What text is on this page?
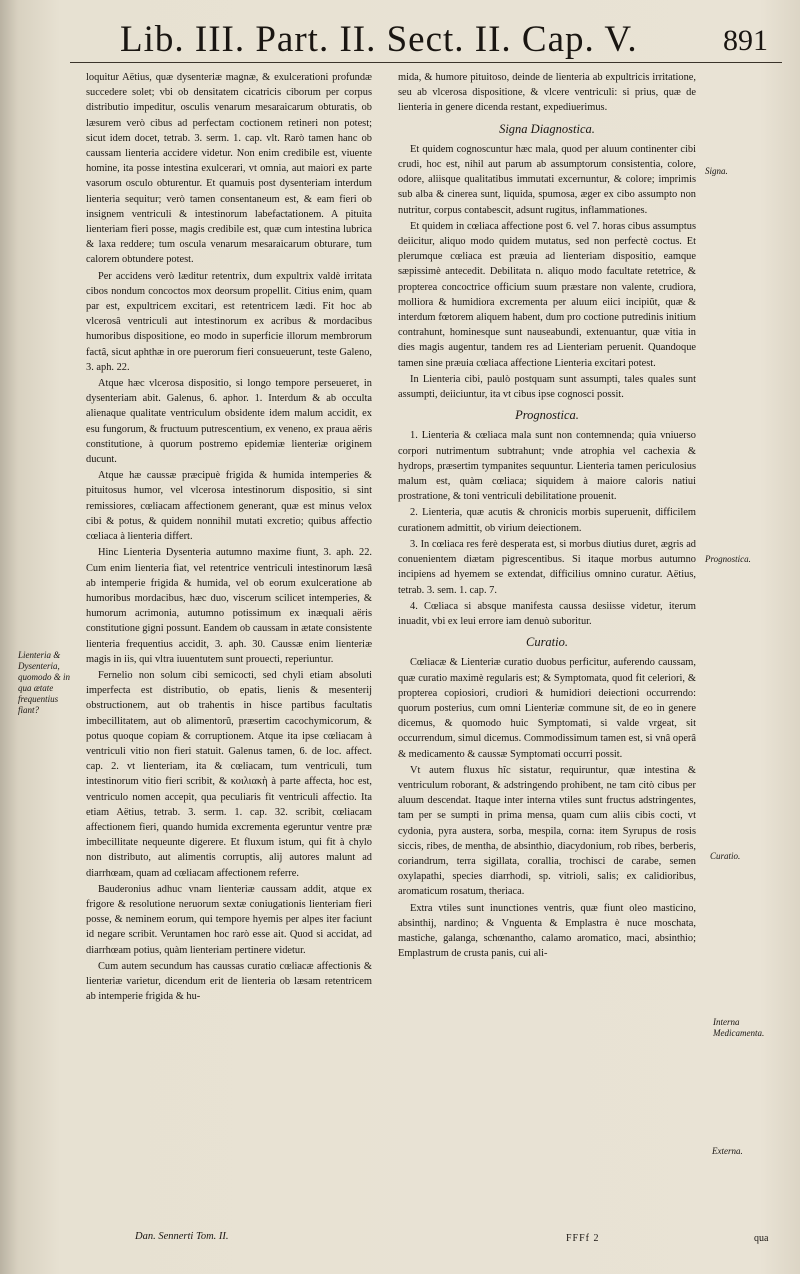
Lib. III. Part. II. Sect. II. Cap. V.	891

loquitur Aëtius, quæ dysenteriæ magnæ, & exulcerationi profundæ succedere solet; vbi ob densitatem cicatricis ciborum per corpus distributio impeditur, osculis venarum mesaraicarum obturatis, ob læsurem verò cibus ad perfectam coctionem retineri non potest; sicut idem docet, tetrab. 3. serm. 1. cap. vlt. Rarò tamen hanc ob caussam lienteria accidere videtur. Non enim credibile est, viuente homine, ita posse intestina exulcerari, vt omnia, aut maiori ex parte vasorum osculo obturentur. Et quamuis post dysenteriam interdum lienteria sequitur; verò tamen consentaneum est, & eam fieri ob insignem ventriculi & intestinorum labefactationem. A pituita lienteriam fieri posse, magis credibile est, quæ cum intestina lubrica & laxa reddere; tum oscula venarum mesaraicarum obturare, tum calorem obtundere potest.

Per accidens verò læditur retentrix, dum expultrix valdè irritata cibos nondum concoctos mox deorsum propellit. Citius enim, quam par est, expultricem excitari, est retentricem lædi. Fit hoc ab vlcerosâ ventriculi aut intestinorum ex acribus & mordacibus humoribus dispositione, eo modo in superficie illorum membrorum factâ, sicut aphthæ in ore puerorum fieri consueuerunt, teste Galeno, 3. aph. 22.

Atque hæc vlcerosa dispositio, si longo tempore perseueret, in dysenteriam abit. Galenus, 6. aphor. 1. Interdum & ab occulta alienaque qualitate ventriculum obsidente idem malum accidit, ex esu fungorum, & fructuum putrescentium, ex veneno, ex praua aëris constitutione, à quorum postremo epidemiæ lienteriæ originem ducunt.

Atque hæ caussæ præcipuè frigida & humida intemperies & pituitosus humor, vel vlcerosa intestinorum dispositio, si sint remissiores, cœliacam affectionem generant, quæ est minus velox cibi & potus, & quidem nonnihil mutati excretio; quibus affectio cœliaca à lienteria differt.

Hinc Lienteria Dysenteria autumno maxime fiunt, 3. aph. 22. Cum enim lienteria fiat, vel retentrice ventriculi intestinorum læsâ ab intemperie frigida & humida, vel ob eorum exulceratione ab humoribus mordacibus, hæc duo, viscerum scilicet intemperies, & humorum acrimonia, autumno potissimum ex inæquali aëris constitutione gigni possunt. Eandem ob caussam in ætate consistente lienteria frequentius accidit, 3. aph. 30. Caussæ enim lienteriæ magis in iis, qui vltra iuuentutem sunt prouecti, reperiuntur.

Fernelio non solum cibi semicocti, sed chyli etiam absoluti imperfecta est distributio, ob epatis, lienis & mesenterij obstructionem, aut ob trahentis in hisce partibus facultatis imbecillitatem, aut ob alimentorũ, præsertim cacochymicorum, & potus quoque copiam & corruptionem. Atque ita ipse cœliacam à ventriculi vitio non fieri statuit. Galenus tamen, 6. de loc. affect. cap. 2. vt lienteriam, ita & cœliacam, tum ventriculi, tum intestinorum vitio fieri scribit, & κοιλιακὴ à parte affecta, hoc est, ventriculo nomen accepit, qua peculiaris fit ventriculi affectio. Ita etiam Aëtius, tetrab. 3. serm. 1. cap. 32. scribit, cœliacam affectionem fieri, quando humida excrementa egeruntur ventre præ imbecillitate nequeunte digerere. Et fluxum istum, qui fit à chylo non distributo, aut alimentis corruptis, alij autores malunt ad diarrhœam, quam ad cœliacam affectionem referre.

Bauderonius adhuc vnam lienteriæ caussam addit, atque ex frigore & resolutione neruorum sextæ coniugationis lienteriam fieri posse, & neminem eorum, qui tempore hyemis per alpes iter faciunt id negare scribit. Veruntamen hoc rarò esse ait. Quod si accidat, ad diarrhœam potius, quàm lienteriam pertinere videtur.

Cum autem secundum has caussas curatio cœliacæ affectionis & lienteriæ varietur, dicendum erit de lienteria ob læsam retentricem ab intemperie frigida & hu-

mida, & humore pituitoso, deinde de lienteria ab expultricis irritatione, seu ab vlcerosa dispositione, & vlcere ventriculi: si prius, quæ de lienteria in genere dicenda restant, expediuerimus.

Signa Diagnostica.

Et quidem cognoscuntur hæc mala, quod per aluum continenter cibi crudi, hoc est, nihil aut parum ab assumptorum consistentia, colore, odore, aliisque qualitatibus immutati excernuntur, & colore; imprimis sub alba & cinerea sunt, liquida, spumosa, æger ex cibo assumpto non nutritur, corpus contabescit, adsunt rugitus, inflammationes.

Et quidem in cœliaca affectione post 6. vel 7. horas cibus assumptus deiicitur, aliquo modo quidem mutatus, sed non perfectè coctus. Et plerumque cœliaca est præuia ad lienteriam dispositio, eamque sæpissimè antecedit. Debilitata n. aliquo modo facultate retetrice, & propterea concoctrice officium suum præstare non valente, crudiora, molliora & humidiora excrementa per aluum eiici incipiũt, quæ & interdum fœtorem aliquem habent, dum pro coctione putredinis initium contrahunt, hominesque sunt nauseabundi, extenuantur, quæ vitia in dies magis augentur, tandem res ad Lienteriam peruenit. Quandoque tamen sine præuia cœliaca affectione Lienteria excitari potest.

In Lienteria cibi, paulò postquam sunt assumpti, tales quales sunt assumpti, deiiciuntur, ita vt cibus ipse cognosci possit.

Prognostica.

1. Lienteria & cœliaca mala sunt non contemnenda; quia vniuerso corpori nutrimentum subtrahunt; vnde atrophia vel cachexia & hydrops, præsertim tympanites sequuntur. Lienteria tamen periculosius malum est, quàm cœliaca; siquidem à maiore caloris natiui prostratione, & toni ventriculi debilitatione prouenit.

2. Lienteria, quæ acutis & chronicis morbis superuenit, difficilem curationem admittit, ob virium deiectionem.

3. In cœliaca res ferè desperata est, si morbus diutius duret, ægris ad conuenientem diætam pigrescentibus. Si itaque morbus autumno incipiens ad hyemem se extendat, difficilius omnino curatur. Aëtius, tetrab. 3. sem. 1. cap. 7.

4. Cœliaca si absque manifesta caussa desiisse videtur, iterum inuadit, vbi ex leui errore iam denuò suboritur.

Curatio.

Cœliacæ & Lienteriæ curatio duobus perficitur, auferendo caussam, quæ curatio maximè regularis est; & Symptomata, quod fit celeriori, & propterea copiosiori, crudiori & humidiori deiectioni occurrendo: quorum posterius, cum omni Lienteriæ commune sit, de eo in genere dicemus, & quomodo huic Symptomati, si valde vrgeat, sit occurrendum, simul dicemus. Commodissimum tamen est, si vnâ operâ & medicamento & caussæ Symptomati occurri possit.

Vt autem fluxus hîc sistatur, requiruntur, quæ intestina & ventriculum roborant, & adstringendo prohibent, ne tam citò cibus per aluum descendat. Itaque inter interna vtiles sunt fructus adstringentes, tam per se sumpti in prima mensa, quam cum aliis cibis cocti, vt cydonia, pyra austera, sorba, mespila, corna: item Syrupus de rosis siccis, ribes, de mentha, de absinthio, diacydonium, rob ribes, berberis, coriandrum, terra sigillata, corallia, trochisci de carabe, semen oxylapathi, species diarrhodi, sp. vitrioli, salis; ex calidioribus, aromaticum rosatum, theriaca.

Extra vtiles sunt inunctiones ventris, quæ fiunt oleo masticino, absinthij, nardino; & Vnguenta & Emplastra è nuce moschata, mastiche, galanga, schœnantho, calamo aromatico, maci, absinthio; Emplastrum de crusta panis, cui ali-

Lienteria & Dysenteria, quomodo & in qua ætate frequentius fiant?
Signa.
Prognostica.
Curatio.
Interna Medicamenta.
Externa.
Dan. Sennerti Tom. II.	FFFf 2	qua
